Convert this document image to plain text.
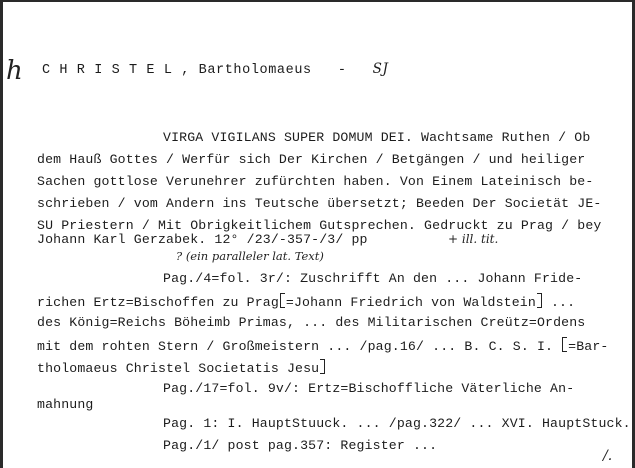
h C H R I S T E L , Bartholomaeus - SJ
VIRGA VIGILANS SUPER DOMUM DEI. Wachtsame Ruthen / Ob
dem Hauß Gottes / Werfür sich Der Kirchen / Betgängen / und heiliger
Sachen gottlose Verunehrer zufürchten haben. Von Einem Lateinisch be-
schrieben / vom Andern ins Teutsche übersetzt; Beeden Der Societät JE-
SU Priestern / Mit Obrigkeitlichem Gutsprechen. Gedruckt zu Prag / bey
Johann Karl Gerzabek. 12° /23/-357-/3/ pp	+ ill. tit.
? (ein paralleler lat. Text)
Pag./4=fol. 3r/: Zuschrifft An den ... Johann Fride-
richen Ertz=Bischoffen zu Prag =Johann Friedrich von Waldstein ...
des König=Reichs Böheimb Primas, ... des Militarischen Creütz=Ordens
mit dem rohten Stern / Großmeistern ... /pag.16/ ... B. C. S. I. =Bar-
tholomaeus Christel Societatis Jesu
Pag./17=fol. 9v/: Ertz=Bischoffliche Väterliche An-
mahnung
Pag. 1: I. HauptStuuck. ... /pag.322/ ... XVI. HauptStuck.
Pag./1/ post pag.357: Register ...
/.
